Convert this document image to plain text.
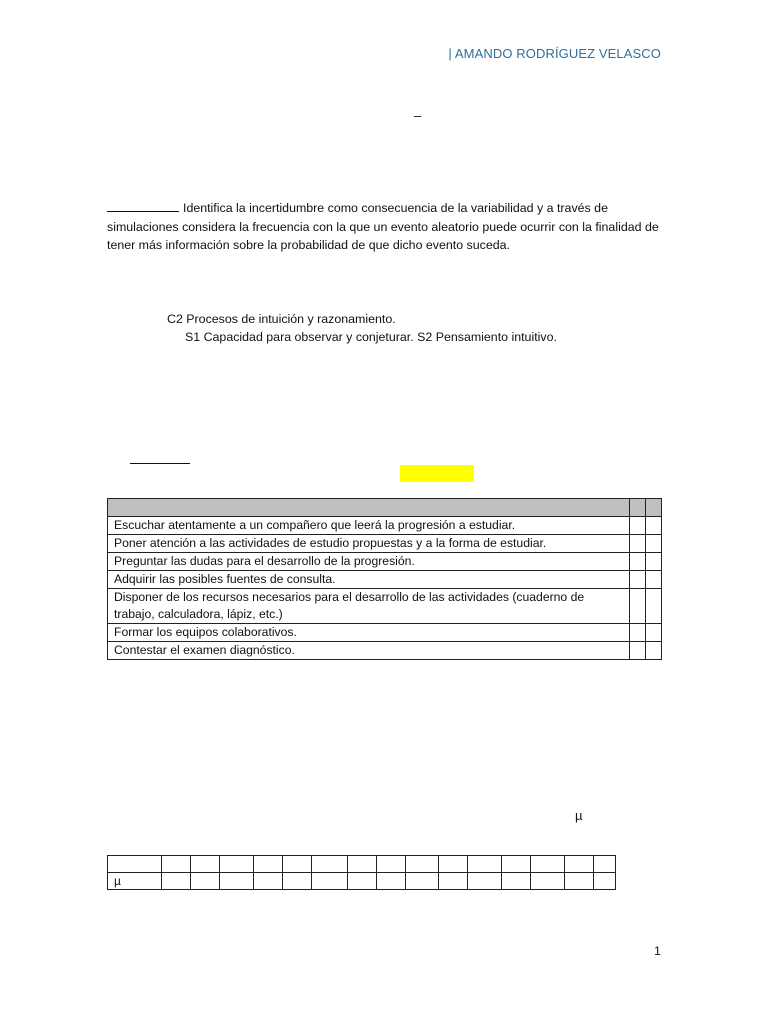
| AMANDO RODRÍGUEZ VELASCO
–
Identifica la incertidumbre como consecuencia de la variabilidad y a través de simulaciones considera la frecuencia con la que un evento aleatorio puede ocurrir con la finalidad de tener más información sobre la probabilidad de que dicho evento suceda.
C2 Procesos de intuición y razonamiento.
S1 Capacidad para observar y conjeturar. S2 Pensamiento intuitivo.

Escuchar atentamente a un compañero que leerá la progresión a estudiar.		
Poner atención a las actividades de estudio propuestas y a la forma de estudiar.		
Preguntar las dudas para el desarrollo de la progresión.		
Adquirir las posibles fuentes de consulta.		
Disponer de los recursos necesarios para el desarrollo de las actividades (cuaderno de trabajo, calculadora, lápiz, etc.)		
Formar los equipos colaborativos.		
Contestar el examen diagnóstico.		
µ

µ															
1
